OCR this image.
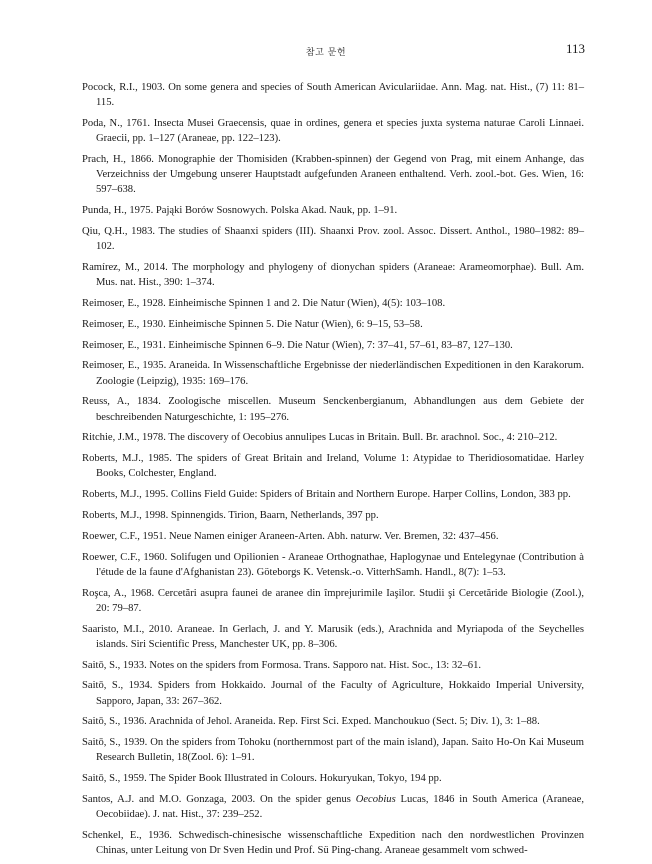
참고 문헌	113
Pocock, R.I., 1903. On some genera and species of South American Aviculariidae. Ann. Mag. nat. Hist., (7) 11: 81–115.
Poda, N., 1761. Insecta Musei Graecensis, quae in ordines, genera et species juxta systema naturae Caroli Linnaei. Graecii, pp. 1–127 (Araneae, pp. 122–123).
Prach, H., 1866. Monographie der Thomisiden (Krabben-spinnen) der Gegend von Prag, mit einem Anhange, das Verzeichniss der Umgebung unserer Hauptstadt aufgefunden Araneen enthaltend. Verh. zool.-bot. Ges. Wien, 16: 597–638.
Punda, H., 1975. Pająki Borów Sosnowych. Polska Akad. Nauk, pp. 1–91.
Qiu, Q.H., 1983. The studies of Shaanxi spiders (III). Shaanxi Prov. zool. Assoc. Dissert. Anthol., 1980–1982: 89–102.
Ramírez, M., 2014. The morphology and phylogeny of dionychan spiders (Araneae: Arameomorphae). Bull. Am. Mus. nat. Hist., 390: 1–374.
Reimoser, E., 1928. Einheimische Spinnen 1 and 2. Die Natur (Wien), 4(5): 103–108.
Reimoser, E., 1930. Einheimische Spinnen 5. Die Natur (Wien), 6: 9–15, 53–58.
Reimoser, E., 1931. Einheimische Spinnen 6–9. Die Natur (Wien), 7: 37–41, 57–61, 83–87, 127–130.
Reimoser, E., 1935. Araneida. In Wissenschaftliche Ergebnisse der niederländischen Expeditionen in den Karakorum. Zoologie (Leipzig), 1935: 169–176.
Reuss, A., 1834. Zoologische miscellen. Museum Senckenbergianum, Abhandlungen aus dem Gebiete der beschreibenden Naturgeschichte, 1: 195–276.
Ritchie, J.M., 1978. The discovery of Oecobius annulipes Lucas in Britain. Bull. Br. arachnol. Soc., 4: 210–212.
Roberts, M.J., 1985. The spiders of Great Britain and Ireland, Volume 1: Atypidae to Theridiosomatidae. Harley Books, Colchester, England.
Roberts, M.J., 1995. Collins Field Guide: Spiders of Britain and Northern Europe. Harper Collins, London, 383 pp.
Roberts, M.J., 1998. Spinnengids. Tirion, Baarn, Netherlands, 397 pp.
Roewer, C.F., 1951. Neue Namen einiger Araneen-Arten. Abh. naturw. Ver. Bremen, 32: 437–456.
Roewer, C.F., 1960. Solifugen und Opilionien - Araneae Orthognathae, Haplogynae und Entelegynae (Contribution à l'étude de la faune d'Afghanistan 23). Göteborgs K. Vetensk.-o. VitterhSamh. Handl., 8(7): 1–53.
Roşca, A., 1968. Cercetări asupra faunei de aranee din împrejurimile Iaşilor. Studii şi Cercetăride Biologie (Zool.), 20: 79–87.
Saaristo, M.I., 2010. Araneae. In Gerlach, J. and Y. Marusik (eds.), Arachnida and Myriapoda of the Seychelles islands. Siri Scientific Press, Manchester UK, pp. 8–306.
Saitō, S., 1933. Notes on the spiders from Formosa. Trans. Sapporo nat. Hist. Soc., 13: 32–61.
Saitō, S., 1934. Spiders from Hokkaido. Journal of the Faculty of Agriculture, Hokkaido Imperial University, Sapporo, Japan, 33: 267–362.
Saitō, S., 1936. Arachnida of Jehol. Araneida. Rep. First Sci. Exped. Manchoukuo (Sect. 5; Div. 1), 3: 1–88.
Saitō, S., 1939. On the spiders from Tohoku (northernmost part of the main island), Japan. Saito Ho-On Kai Museum Research Bulletin, 18(Zool. 6): 1–91.
Saitō, S., 1959. The Spider Book Illustrated in Colours. Hokuryukan, Tokyo, 194 pp.
Santos, A.J. and M.O. Gonzaga, 2003. On the spider genus Oecobius Lucas, 1846 in South America (Araneae, Oecobiidae). J. nat. Hist., 37: 239–252.
Schenkel, E., 1936. Schwedisch-chinesische wissenschaftliche Expedition nach den nordwestlichen Provinzen Chinas, unter Leitung von Dr Sven Hedin und Prof. Sü Ping-chang. Araneae gesammelt vom schwed-
